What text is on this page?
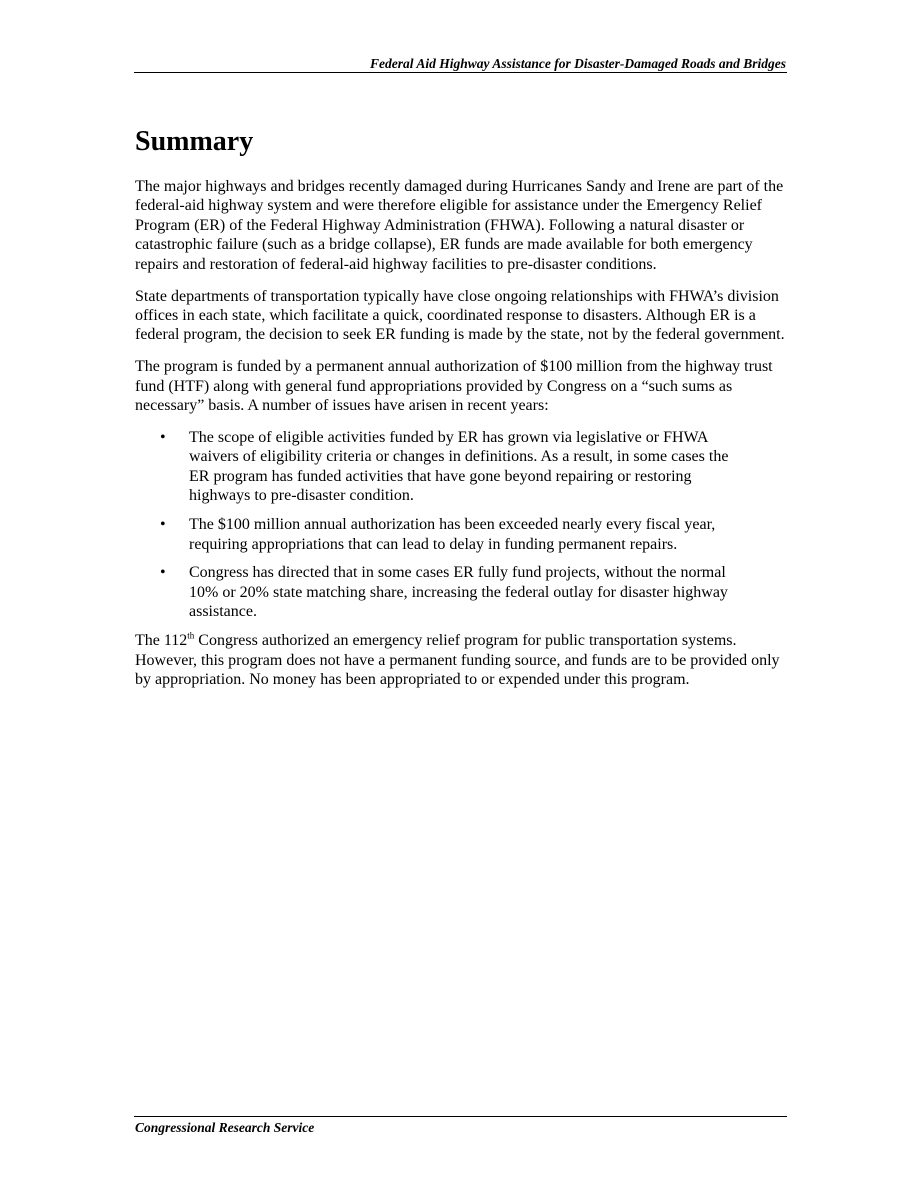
Federal Aid Highway Assistance for Disaster-Damaged Roads and Bridges
Summary

The major highways and bridges recently damaged during Hurricanes Sandy and Irene are part of the federal-aid highway system and were therefore eligible for assistance under the Emergency Relief Program (ER) of the Federal Highway Administration (FHWA). Following a natural disaster or catastrophic failure (such as a bridge collapse), ER funds are made available for both emergency repairs and restoration of federal-aid highway facilities to pre-disaster conditions.

State departments of transportation typically have close ongoing relationships with FHWA’s division offices in each state, which facilitate a quick, coordinated response to disasters. Although ER is a federal program, the decision to seek ER funding is made by the state, not by the federal government.

The program is funded by a permanent annual authorization of $100 million from the highway trust fund (HTF) along with general fund appropriations provided by Congress on a “such sums as necessary” basis. A number of issues have arisen in recent years:

• The scope of eligible activities funded by ER has grown via legislative or FHWA waivers of eligibility criteria or changes in definitions. As a result, in some cases the ER program has funded activities that have gone beyond repairing or restoring highways to pre-disaster condition.
• The $100 million annual authorization has been exceeded nearly every fiscal year, requiring appropriations that can lead to delay in funding permanent repairs.
• Congress has directed that in some cases ER fully fund projects, without the normal 10% or 20% state matching share, increasing the federal outlay for disaster highway assistance.

The 112th Congress authorized an emergency relief program for public transportation systems. However, this program does not have a permanent funding source, and funds are to be provided only by appropriation. No money has been appropriated to or expended under this program.

Congressional Research Service
